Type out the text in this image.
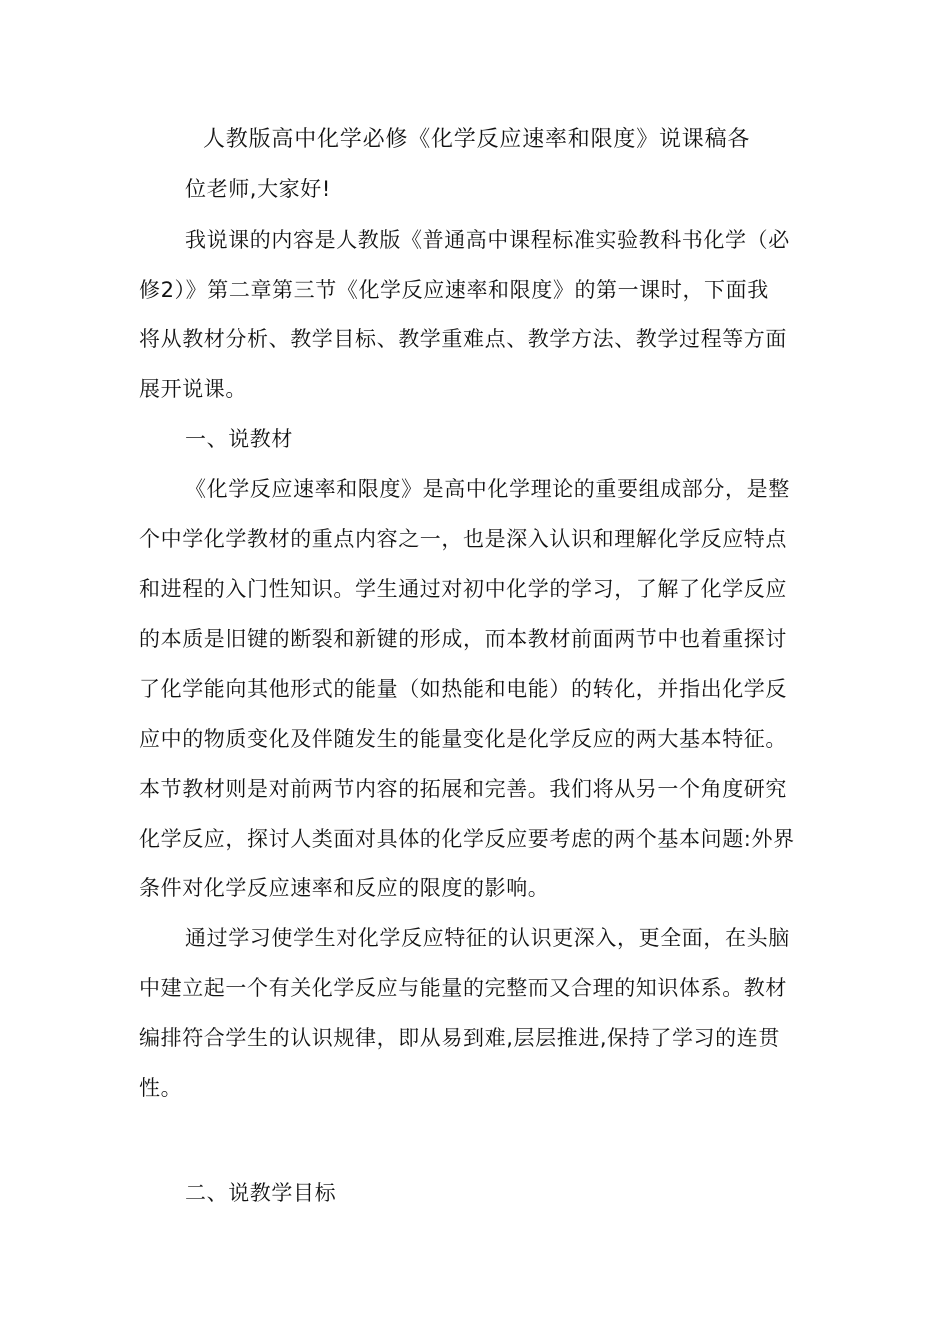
人教版高中化学必修《化学反应速率和限度》说课稿各
位老师,大家好!
我说课的内容是人教版《普通高中课程标准实验教科书化学（必
修2）》第二章第三节《化学反应速率和限度》的第一课时，下面我
将从教材分析、教学目标、教学重难点、教学方法、教学过程等方面
展开说课。
一、说教材
《化学反应速率和限度》是高中化学理论的重要组成部分，是整
个中学化学教材的重点内容之一，也是深入认识和理解化学反应特点
和进程的入门性知识。学生通过对初中化学的学习，了解了化学反应
的本质是旧键的断裂和新键的形成，而本教材前面两节中也着重探讨
了化学能向其他形式的能量（如热能和电能）的转化，并指出化学反
应中的物质变化及伴随发生的能量变化是化学反应的两大基本特征。
本节教材则是对前两节内容的拓展和完善。我们将从另一个角度研究
化学反应，探讨人类面对具体的化学反应要考虑的两个基本问题:外界
条件对化学反应速率和反应的限度的影响。
通过学习使学生对化学反应特征的认识更深入，更全面，在头脑
中建立起一个有关化学反应与能量的完整而又合理的知识体系。教材
编排符合学生的认识规律，即从易到难,层层推进,保持了学习的连贯
性。
二、说教学目标
